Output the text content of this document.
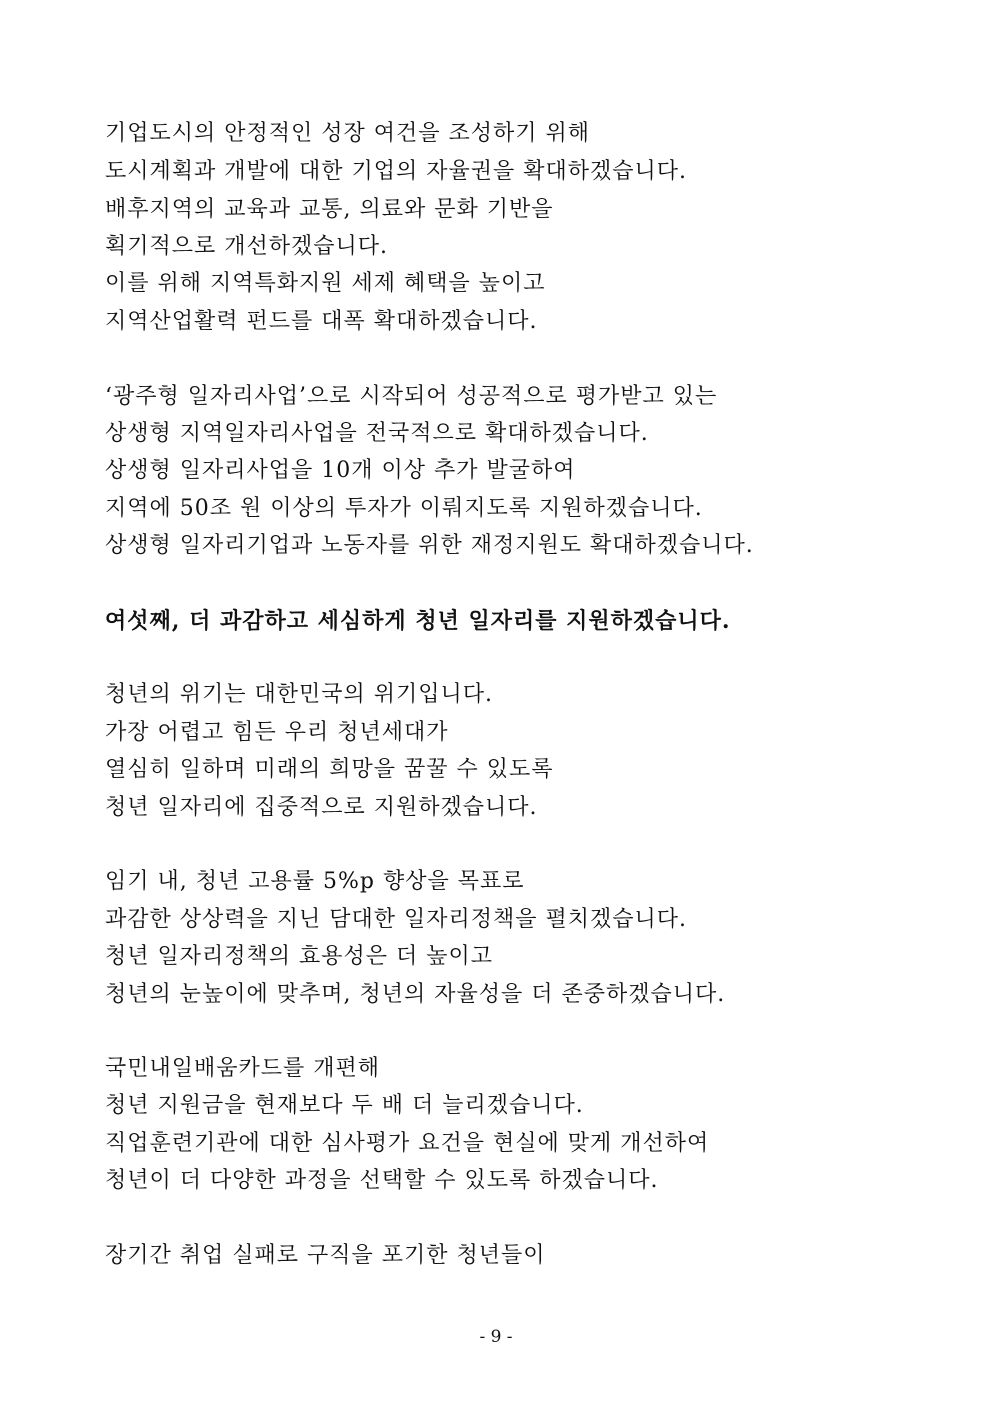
기업도시의 안정적인 성장 여건을 조성하기 위해
도시계획과 개발에 대한 기업의 자율권을 확대하겠습니다.
배후지역의 교육과 교통, 의료와 문화 기반을
획기적으로 개선하겠습니다.
이를 위해 지역특화지원 세제 혜택을 높이고
지역산업활력 펀드를 대폭 확대하겠습니다.
‘광주형 일자리사업’으로 시작되어 성공적으로 평가받고 있는
상생형 지역일자리사업을 전국적으로 확대하겠습니다.
상생형 일자리사업을 10개 이상 추가 발굴하여
지역에 50조 원 이상의 투자가 이뤄지도록 지원하겠습니다.
상생형 일자리기업과 노동자를 위한 재정지원도 확대하겠습니다.
여섯째, 더 과감하고 세심하게 청년 일자리를 지원하겠습니다.
청년의 위기는 대한민국의 위기입니다.
가장 어렵고 힘든 우리 청년세대가
열심히 일하며 미래의 희망을 꿈꿀 수 있도록
청년 일자리에 집중적으로 지원하겠습니다.
임기 내, 청년 고용률 5%p 향상을 목표로
과감한 상상력을 지닌 담대한 일자리정책을 펼치겠습니다.
청년 일자리정책의 효용성은 더 높이고
청년의 눈높이에 맞추며, 청년의 자율성을 더 존중하겠습니다.
국민내일배움카드를 개편해
청년 지원금을 현재보다 두 배 더 늘리겠습니다.
직업훈련기관에 대한 심사평가 요건을 현실에 맞게 개선하여
청년이 더 다양한 과정을 선택할 수 있도록 하겠습니다.
장기간 취업 실패로 구직을 포기한 청년들이
- 9 -
